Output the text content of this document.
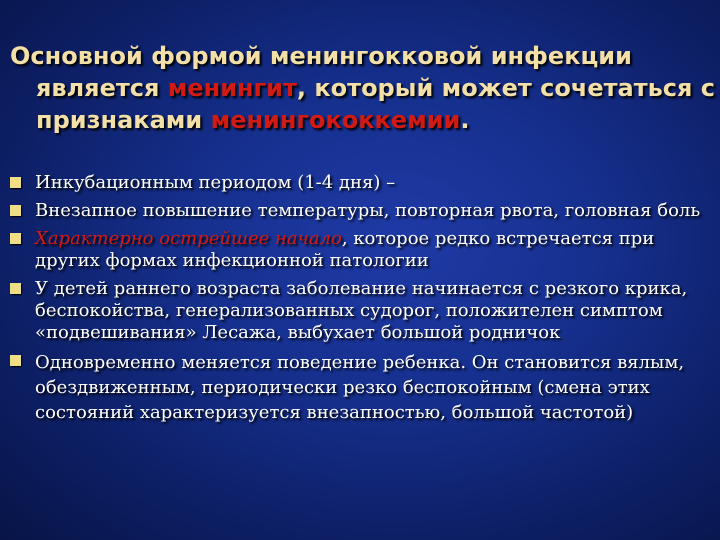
Основной формой менингокковой инфекции является менингит, который может сочетаться с признаками менингококкемии.
Инкубационным периодом (1-4 дня) –
Внезапное повышение температуры, повторная рвота, головная боль
Характерно острейшее начало, которое редко встречается при других формах инфекционной патологии
У детей раннего возраста заболевание начинается с резкого крика, беспокойства, генерализованных судорог, положителен симптом «подвешивания» Лесажа, выбухает большой родничок
Одновременно меняется поведение ребенка. Он становится вялым, обездвиженным, периодически резко беспокойным (смена этих состояний характеризуется внезапностью, большой частотой)
